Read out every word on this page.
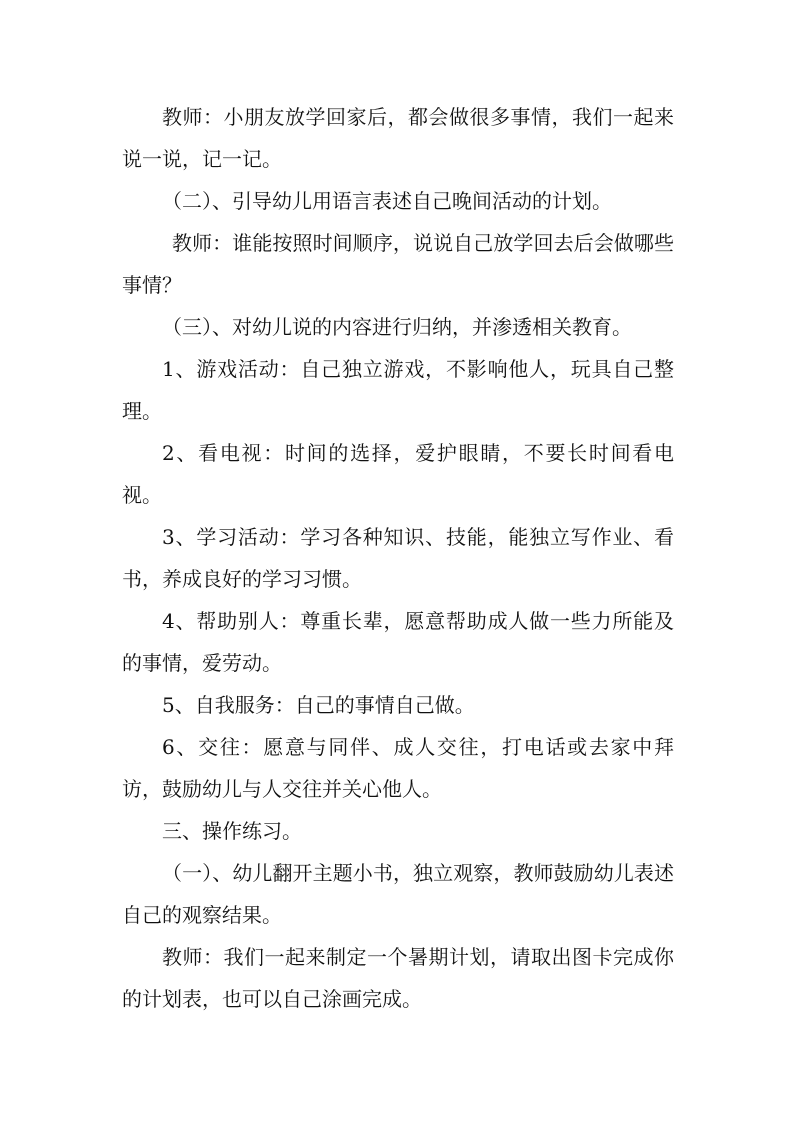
教师：小朋友放学回家后，都会做很多事情，我们一起来说一说，记一记。

（二）、引导幼儿用语言表述自己晚间活动的计划。

教师：谁能按照时间顺序，说说自己放学回去后会做哪些事情？

（三）、对幼儿说的内容进行归纳，并渗透相关教育。

1、游戏活动：自己独立游戏，不影响他人，玩具自己整理。

2、看电视：时间的选择，爱护眼睛，不要长时间看电视。

3、学习活动：学习各种知识、技能，能独立写作业、看书，养成良好的学习习惯。

4、帮助别人：尊重长辈，愿意帮助成人做一些力所能及的事情，爱劳动。

5、自我服务：自己的事情自己做。

6、交往：愿意与同伴、成人交往，打电话或去家中拜访，鼓励幼儿与人交往并关心他人。

三、操作练习。

（一）、幼儿翻开主题小书，独立观察，教师鼓励幼儿表述自己的观察结果。

教师：我们一起来制定一个暑期计划，请取出图卡完成你的计划表，也可以自己涂画完成。
